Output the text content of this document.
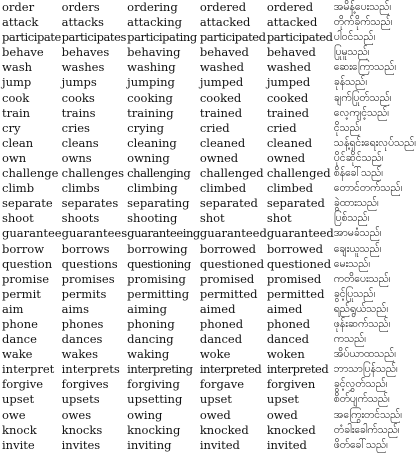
order	orders	ordering	ordered	ordered	အမိန့်ပေးသည်၊
attack	attacks	attacking	attacked	attacked	တိုက်ခိုက်သည်၊
participate	participates	participating	participated	participated	ပါဝင်သည်၊
behave	behaves	behaving	behaved	behaved	ပြုမူသည်၊
wash	washes	washing	washed	washed	ဆေးကြောသည်၊
jump	jumps	jumping	jumped	jumped	ခုန်သည်၊
cook	cooks	cooking	cooked	cooked	ချက်ပြုတ်သည်၊
train	trains	training	trained	trained	လေ့ကျင့်သည်၊
cry	cries	crying	cried	cried	ငိုသည်၊
clean	cleans	cleaning	cleaned	cleaned	သန့်ရှင်းရေးလုပ်သည်၊
own	owns	owning	owned	owned	ပိုင်ဆိုင်သည်၊
challenge	challenges	challenging	challenged	challenged	စိန်ခေါ်သည်၊
climb	climbs	climbing	climbed	climbed	တောင်တက်သည်၊
separate	separates	separating	separated	separated	ခွဲထားသည်၊
shoot	shoots	shooting	shot	shot	ပြစ်သည်၊
guarantee	guarantees	guaranteeing	guaranteed	guaranteed	အာမခံသည်၊
borrow	borrows	borrowing	borrowed	borrowed	ချေးယူသည်၊
question	questions	questioning	questioned	questioned	မေးသည်၊
promise	promises	promising	promised	promised	ကတိပေးသည်၊
permit	permits	permitting	permitted	permitted	ခွင့်ပြုသည်၊
aim	aims	aiming	aimed	aimed	ရည်ရွယ်သည်၊
phone	phones	phoning	phoned	phoned	ဖုန်းဆက်သည်၊
dance	dances	dancing	danced	danced	ကသည်၊
wake	wakes	waking	woke	woken	အိပ်ယာထသည်၊
interpret	interprets	interpreting	interpreted	interpreted	ဘာသာပြန်သည်၊
forgive	forgives	forgiving	forgave	forgiven	ခွင့်လွှတ်သည်၊
upset	upsets	upsetting	upset	upset	စိတ်ပျက်သည်၊
owe	owes	owing	owed	owed	အကြွေးတင်သည်၊
knock	knocks	knocking	knocked	knocked	တံခါးခေါက်သည်၊
invite	invites	inviting	invited	invited	ဖိတ်ခေါ်သည်၊
